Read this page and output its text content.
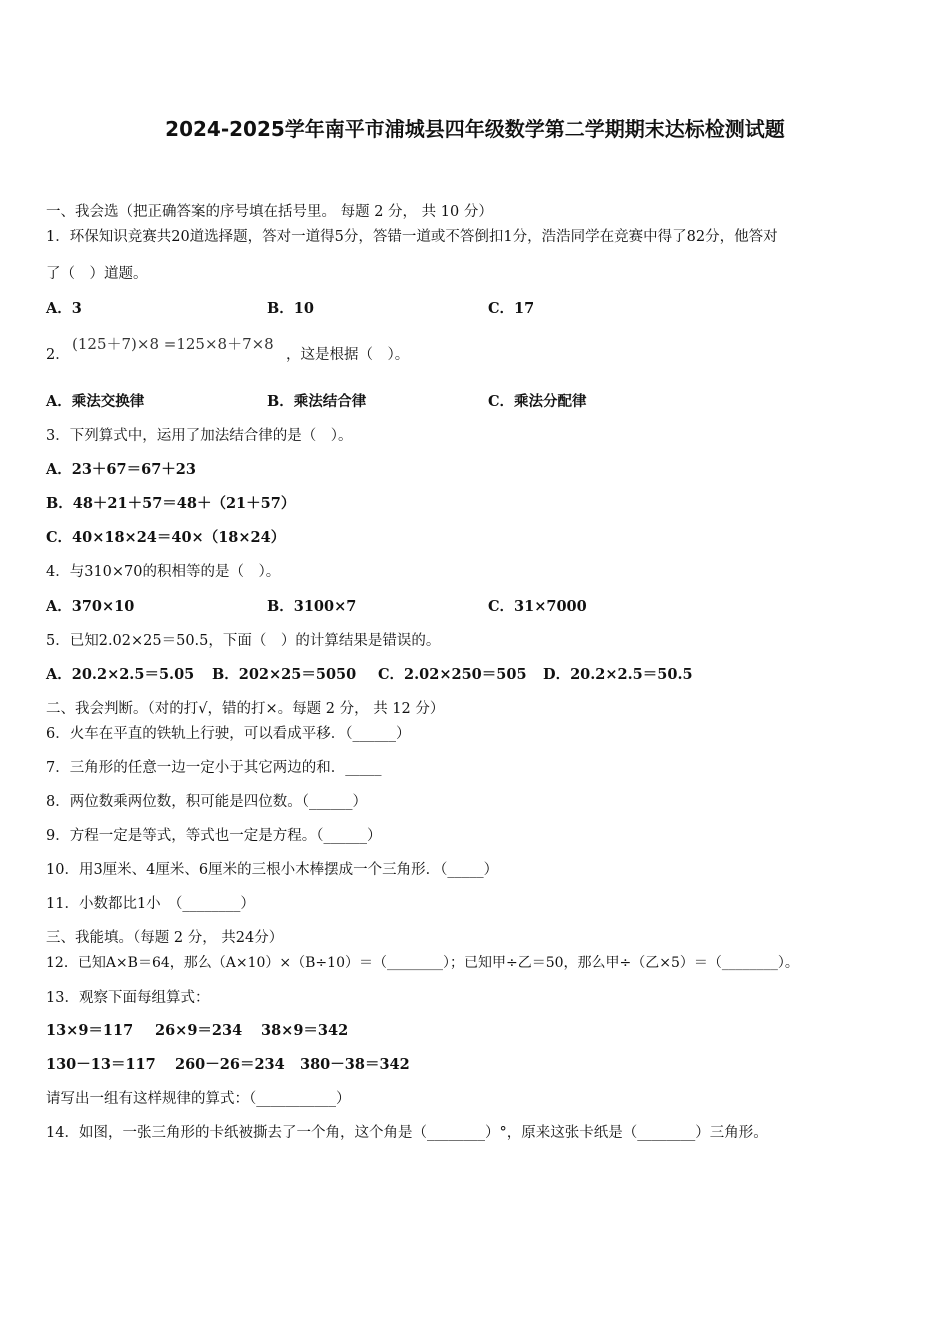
2024-2025学年南平市浦城县四年级数学第二学期期末达标检测试题
一、我会选（把正确答案的序号填在括号里。 每题 2 分， 共 10 分）
1．环保知识竞赛共20道选择题，答对一道得5分，答错一道或不答倒扣1分，浩浩同学在竞赛中得了82分，他答对
了（　）道题。
A．3	B．10	C．17
2．
(125＋7)×8 =125×8＋7×8
，这是根据（　）。
A．乘法交换律	B．乘法结合律	C．乘法分配律
3．下列算式中，运用了加法结合律的是（　）。
A．23＋67＝67＋23
B．48＋21＋57＝48＋（21＋57）
C．40×18×24＝40×（18×24）
4．与310×70的积相等的是（　）。
A．370×10	B．3100×7	C．31×7000
5．已知2.02×25＝50.5，下面（　）的计算结果是错误的。
A．20.2×2.5＝5.05 B．202×25＝5050 C．2.02×250＝505 D．20.2×2.5＝50.5
二、我会判断。（对的打√，错的打×。每题 2 分， 共 12 分）
6．火车在平直的铁轨上行驶，可以看成平移．（______）
7．三角形的任意一边一定小于其它两边的和．_____
8．两位数乘两位数，积可能是四位数。（______）
9．方程一定是等式，等式也一定是方程。（______）
10．用3厘米、4厘米、6厘米的三根小木棒摆成一个三角形．（_____）
11．小数都比1小　（________）
三、我能填。（每题 2 分， 共24分）
12．已知A×B＝64，那么（A×10）×（B÷10）＝（________）；已知甲÷乙＝50，那么甲÷（乙×5）＝（________）。
13．观察下面每组算式：
13×9＝117 26×9＝234 38×9＝342
130－13＝117 260－26＝234 380－38＝342
请写出一组有这样规律的算式：（___________）
14．如图，一张三角形的卡纸被撕去了一个角，这个角是（________）°，原来这张卡纸是（________）三角形。
